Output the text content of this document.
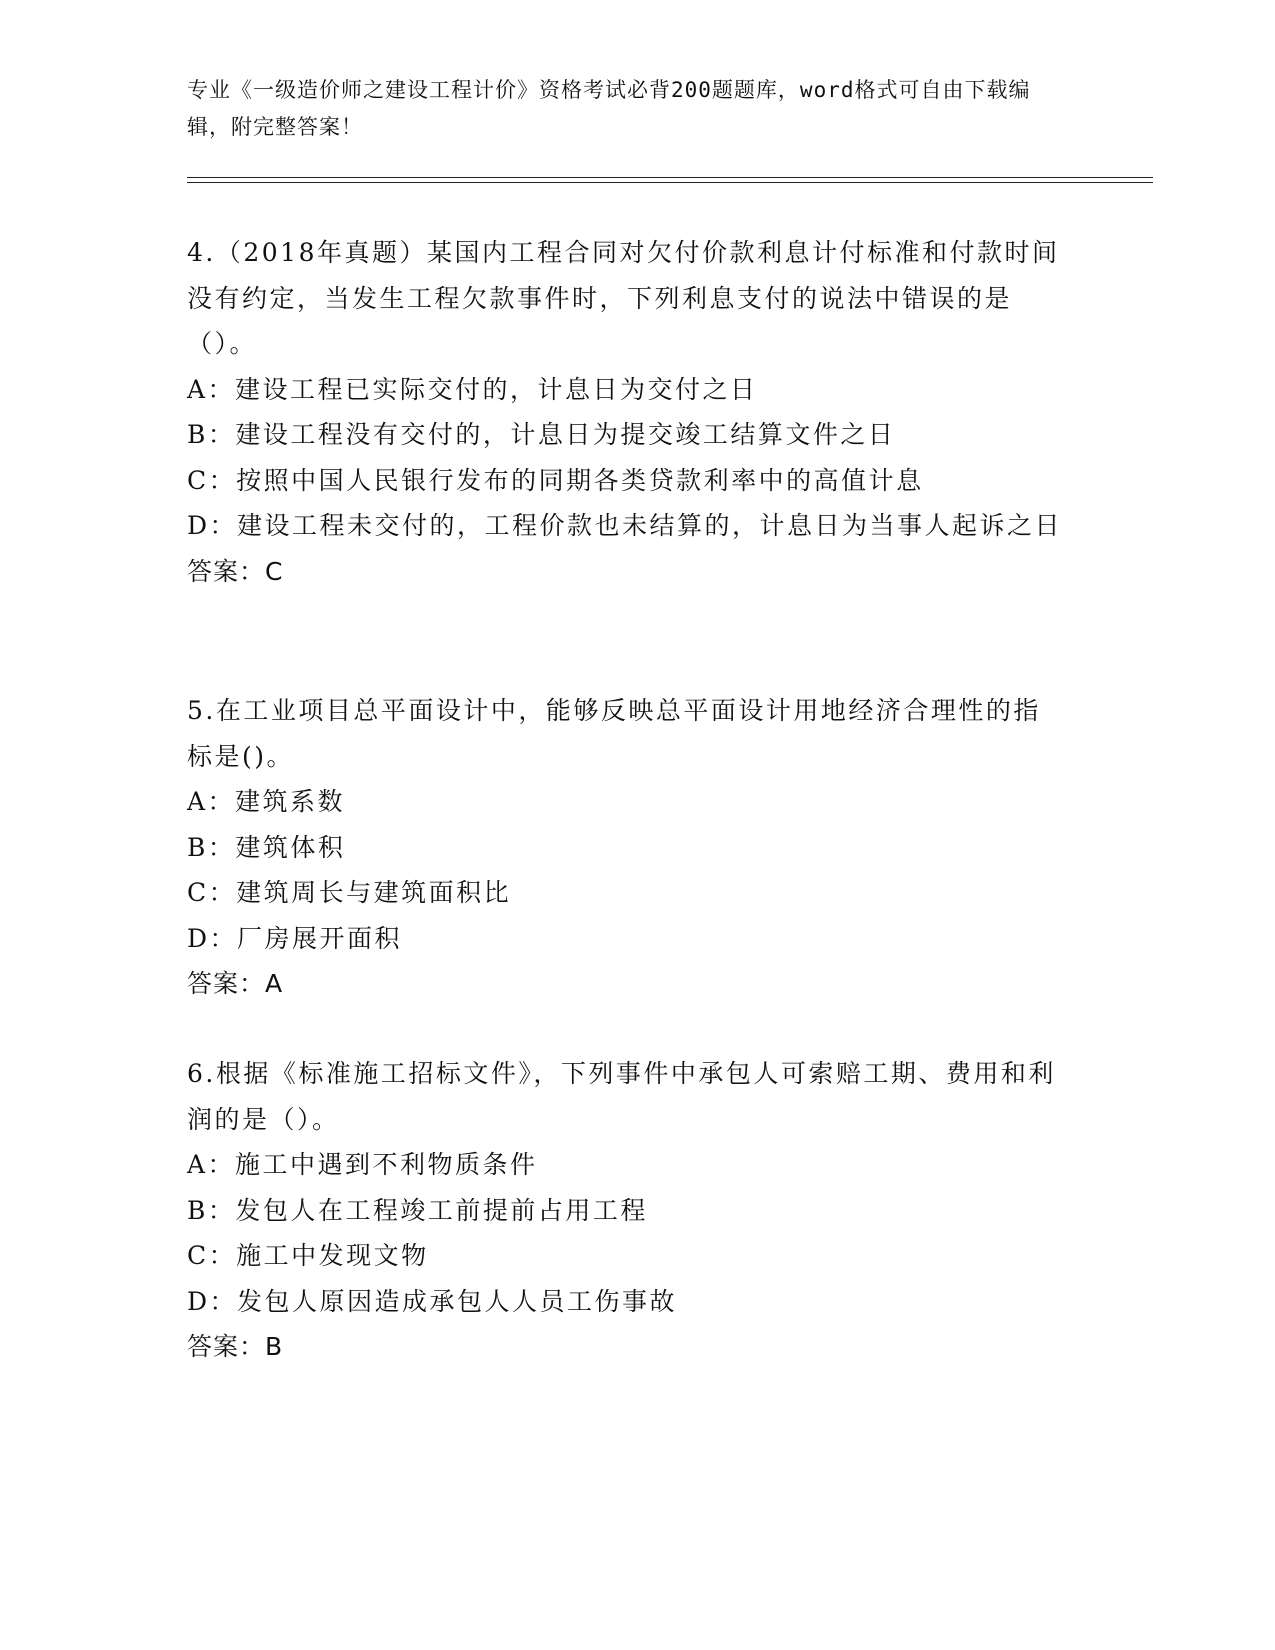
专业《一级造价师之建设工程计价》资格考试必背200题题库，word格式可自由下载编辑，附完整答案！

4.（2018年真题）某国内工程合同对欠付价款利息计付标准和付款时间没有约定，当发生工程欠款事件时，下列利息支付的说法中错误的是（）。

A：建设工程已实际交付的，计息日为交付之日

B：建设工程没有交付的，计息日为提交竣工结算文件之日

C：按照中国人民银行发布的同期各类贷款利率中的高值计息

D：建设工程未交付的，工程价款也未结算的，计息日为当事人起诉之日

答案：C

5.在工业项目总平面设计中，能够反映总平面设计用地经济合理性的指标是()。

A：建筑系数

B：建筑体积

C：建筑周长与建筑面积比

D：厂房展开面积

答案：A

6.根据《标准施工招标文件》，下列事件中承包人可索赔工期、费用和利润的是（）。

A：施工中遇到不利物质条件

B：发包人在工程竣工前提前占用工程

C：施工中发现文物

D：发包人原因造成承包人人员工伤事故

答案：B
